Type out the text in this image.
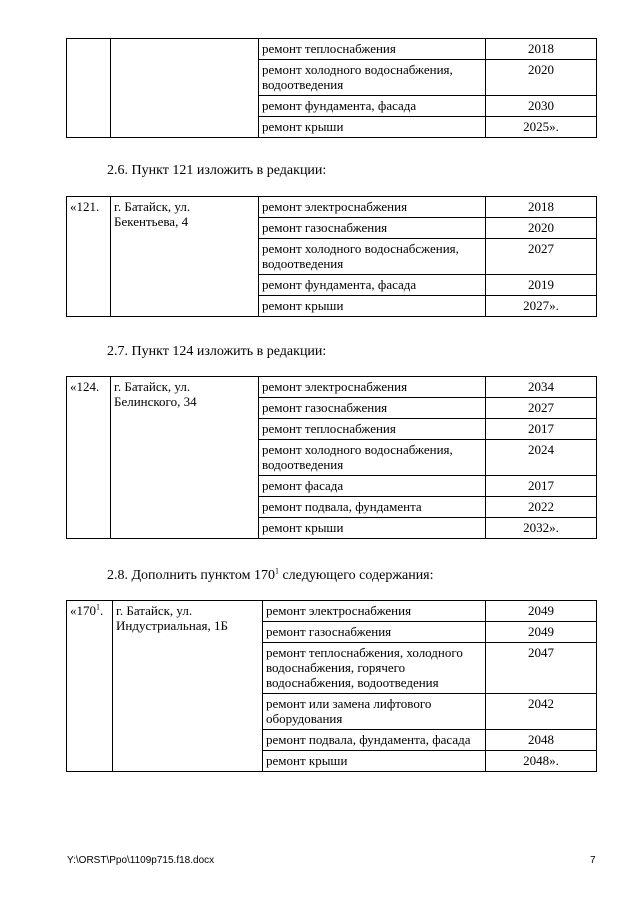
		ремонт теплоснабжения	2018
		ремонт холодного водоснабжения, водоотведения	2020
		ремонт фундамента, фасада	2030
		ремонт крыши	2025».
2.6. Пункт 121 изложить в редакции:
«121.	г. Батайск, ул. Бекентьева, 4	ремонт электроснабжения	2018
		ремонт газоснабжения	2020
		ремонт холодного водоснабсжения, водоотведения	2027
		ремонт фундамента, фасада	2019
		ремонт крыши	2027».
2.7. Пункт 124 изложить в редакции:
«124.	г. Батайск, ул. Белинского, 34	ремонт электроснабжения	2034
		ремонт газоснабжения	2027
		ремонт теплоснабжения	2017
		ремонт холодного водоснабжения, водоотведения	2024
		ремонт фасада	2017
		ремонт подвала, фундамента	2022
		ремонт крыши	2032».
2.8. Дополнить пунктом $170^1$ следующего содержания:
«$170^1$.	г. Батайск, ул. Индустриальная, 1Б	ремонт электроснабжения	2049
		ремонт газоснабжения	2049
		ремонт теплоснабжения, холодного водоснабжения, горячего водоснабжения, водоотведения	2047
		ремонт или замена лифтового оборудования	2042
		ремонт подвала, фундамента, фасада	2048
		ремонт крыши	2048».
Y:\ORST\Ppo\1109p715.f18.docx	7
